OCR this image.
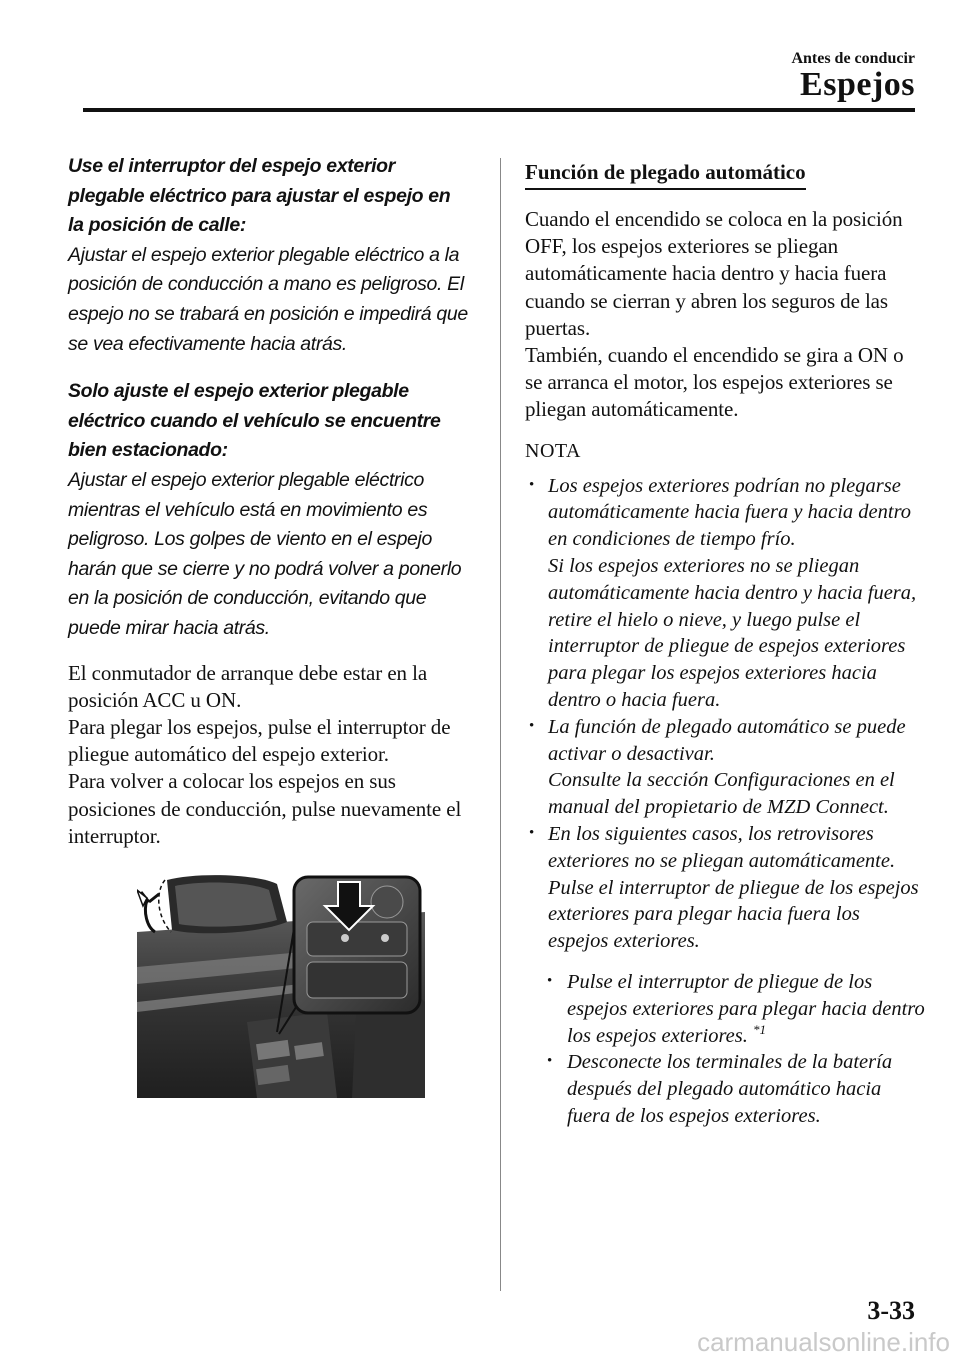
Antes de conducir
Espejos
Use el interruptor del espejo exterior plegable eléctrico para ajustar el espejo en la posición de calle:
Ajustar el espejo exterior plegable eléctrico a la posición de conducción a mano es peligroso. El espejo no se trabará en posición e impedirá que se vea efectivamente hacia atrás.
Solo ajuste el espejo exterior plegable eléctrico cuando el vehículo se encuentre bien estacionado:
Ajustar el espejo exterior plegable eléctrico mientras el vehículo está en movimiento es peligroso. Los golpes de viento en el espejo harán que se cierre y no podrá volver a ponerlo en la posición de conducción, evitando que puede mirar hacia atrás.
El conmutador de arranque debe estar en la posición ACC u ON.
Para plegar los espejos, pulse el interruptor de pliegue automático del espejo exterior.
Para volver a colocar los espejos en sus posiciones de conducción, pulse nuevamente el interruptor.
Función de plegado automático
Cuando el encendido se coloca en la posición OFF, los espejos exteriores se pliegan automáticamente hacia dentro y hacia fuera cuando se cierran y abren los seguros de las puertas.
También, cuando el encendido se gira a ON o se arranca el motor, los espejos exteriores se pliegan automáticamente.
NOTA

• Los espejos exteriores podrían no plegarse automáticamente hacia fuera y hacia dentro en condiciones de tiempo frío.

Si los espejos exteriores no se pliegan automáticamente hacia dentro y hacia fuera, retire el hielo o nieve, y luego pulse el interruptor de pliegue de espejos exteriores para plegar los espejos exteriores hacia dentro o hacia fuera.

• La función de plegado automático se puede activar o desactivar.

Consulte la sección Configuraciones en el manual del propietario de MZD Connect.

• En los siguientes casos, los retrovisores exteriores no se pliegan automáticamente. Pulse el interruptor de pliegue de los espejos exteriores para plegar hacia fuera los espejos exteriores.

• Pulse el interruptor de pliegue de los espejos exteriores para plegar hacia dentro los espejos exteriores. $^{*1}$
• Desconecte los terminales de la batería después del plegado automático hacia fuera de los espejos exteriores.
3-33
carmanualsonline.info
